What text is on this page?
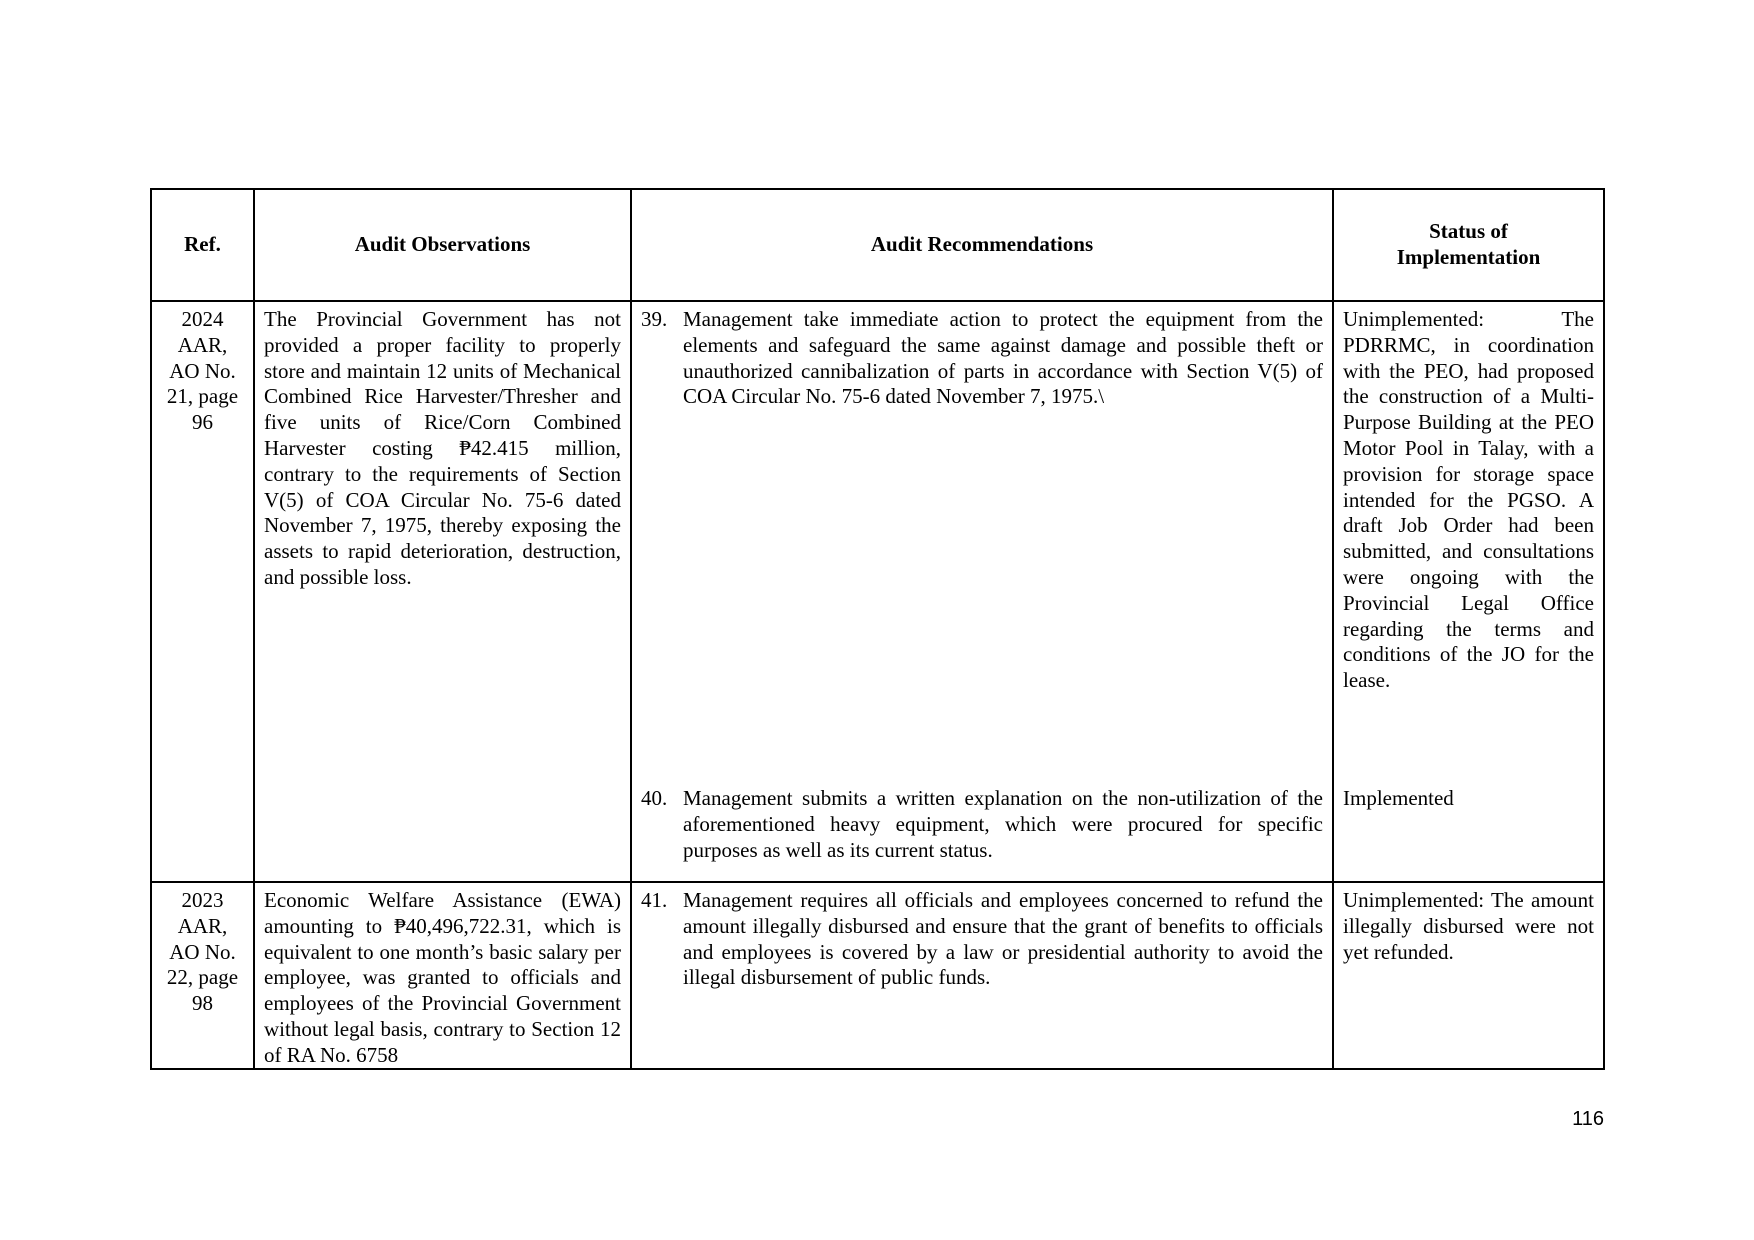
Ref.	Audit Observations	Audit Recommendations
Status of Implementation
2024 AAR, AO No. 21, page 96
The Provincial Government has not provided a proper facility to properly store and maintain 12 units of Mechanical Combined Rice Harvester/Thresher and five units of Rice/Corn Combined Harvester costing ₱42.415 million, contrary to the requirements of Section V(5) of COA Circular No. 75-6 dated November 7, 1975, thereby exposing the assets to rapid deterioration, destruction, and possible loss.
39. Management take immediate action to protect the equipment from the elements and safeguard the same against damage and possible theft or unauthorized cannibalization of parts in accordance with Section V(5) of COA Circular No. 75-6 dated November 7, 1975.\
40. Management submits a written explanation on the non-utilization of the aforementioned heavy equipment, which were procured for specific purposes as well as its current status.
Unimplemented: The PDRRMC, in coordination with the PEO, had proposed the construction of a Multi-Purpose Building at the PEO Motor Pool in Talay, with a provision for storage space intended for the PGSO. A draft Job Order had been submitted, and consultations were ongoing with the Provincial Legal Office regarding the terms and conditions of the JO for the lease.
Implemented
2023 AAR, AO No. 22, page 98
Economic Welfare Assistance (EWA) amounting to ₱40,496,722.31, which is equivalent to one month’s basic salary per employee, was granted to officials and employees of the Provincial Government without legal basis, contrary to Section 12 of RA No. 6758
41. Management requires all officials and employees concerned to refund the amount illegally disbursed and ensure that the grant of benefits to officials and employees is covered by a law or presidential authority to avoid the illegal disbursement of public funds.
Unimplemented: The amount illegally disbursed were not yet refunded.
116
